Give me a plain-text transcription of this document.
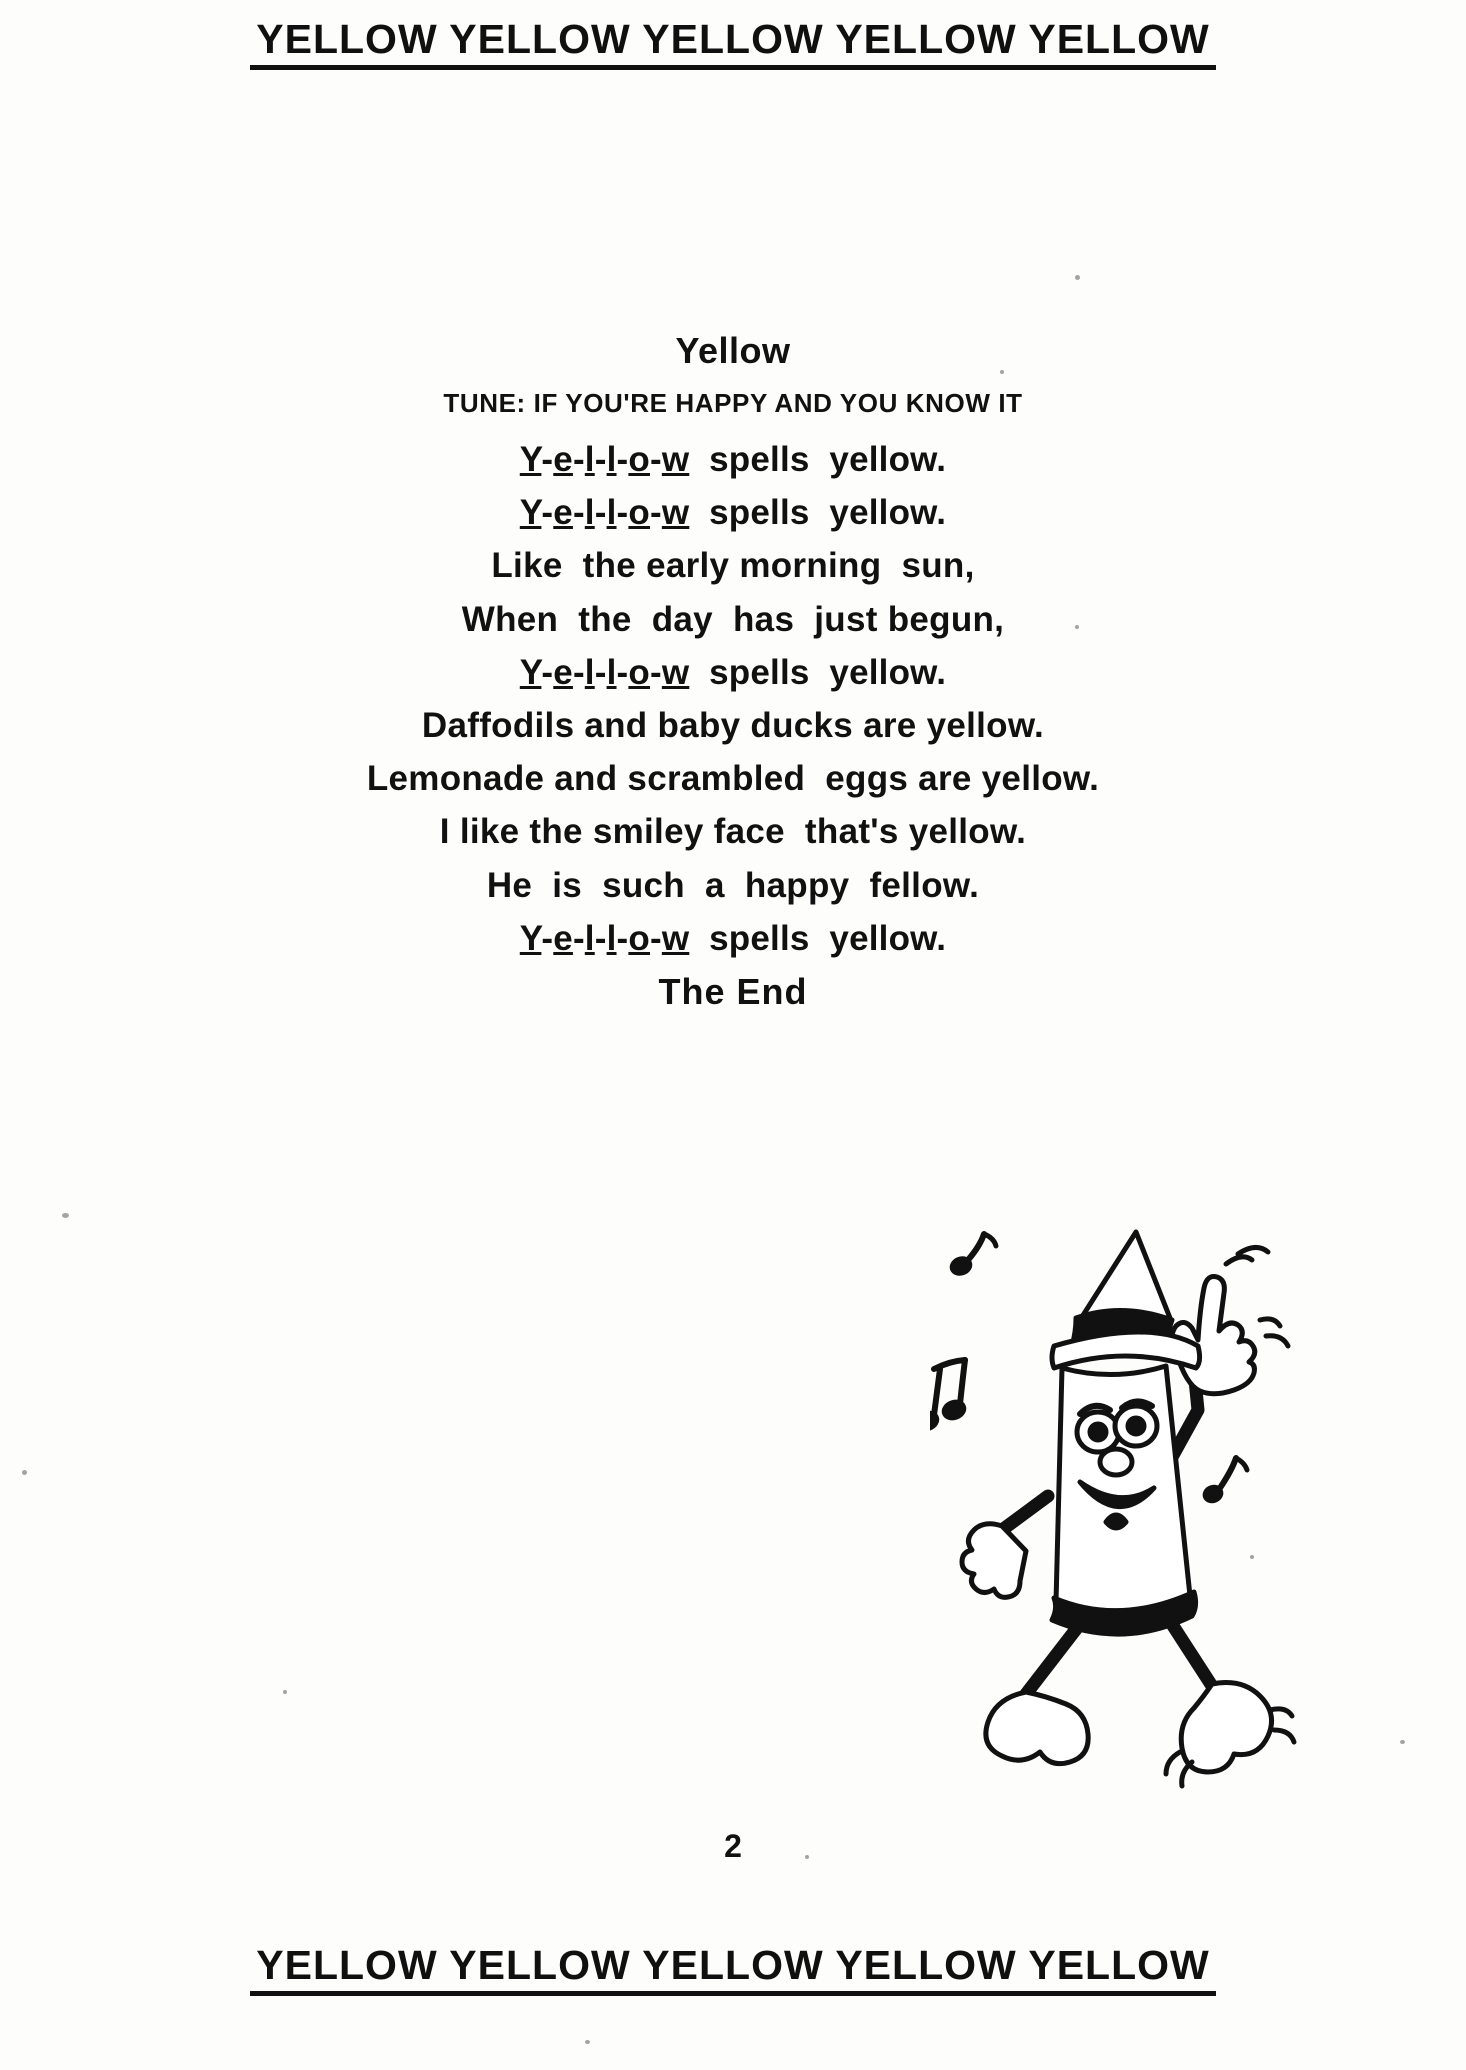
YELLOW YELLOW YELLOW YELLOW YELLOW
Yellow
TUNE: IF YOU'RE HAPPY AND YOU KNOW IT
Y-e-l-l-o-w  spells  yellow.
Y-e-l-l-o-w  spells  yellow.
Like  the early morning  sun,
When  the  day  has  just begun,
Y-e-l-l-o-w  spells  yellow.
Daffodils and baby ducks are yellow.
Lemonade and scrambled  eggs are yellow.
I like the smiley face  that's yellow.
He  is  such  a  happy  fellow.
Y-e-l-l-o-w  spells  yellow.
The End
2
YELLOW YELLOW YELLOW YELLOW YELLOW
